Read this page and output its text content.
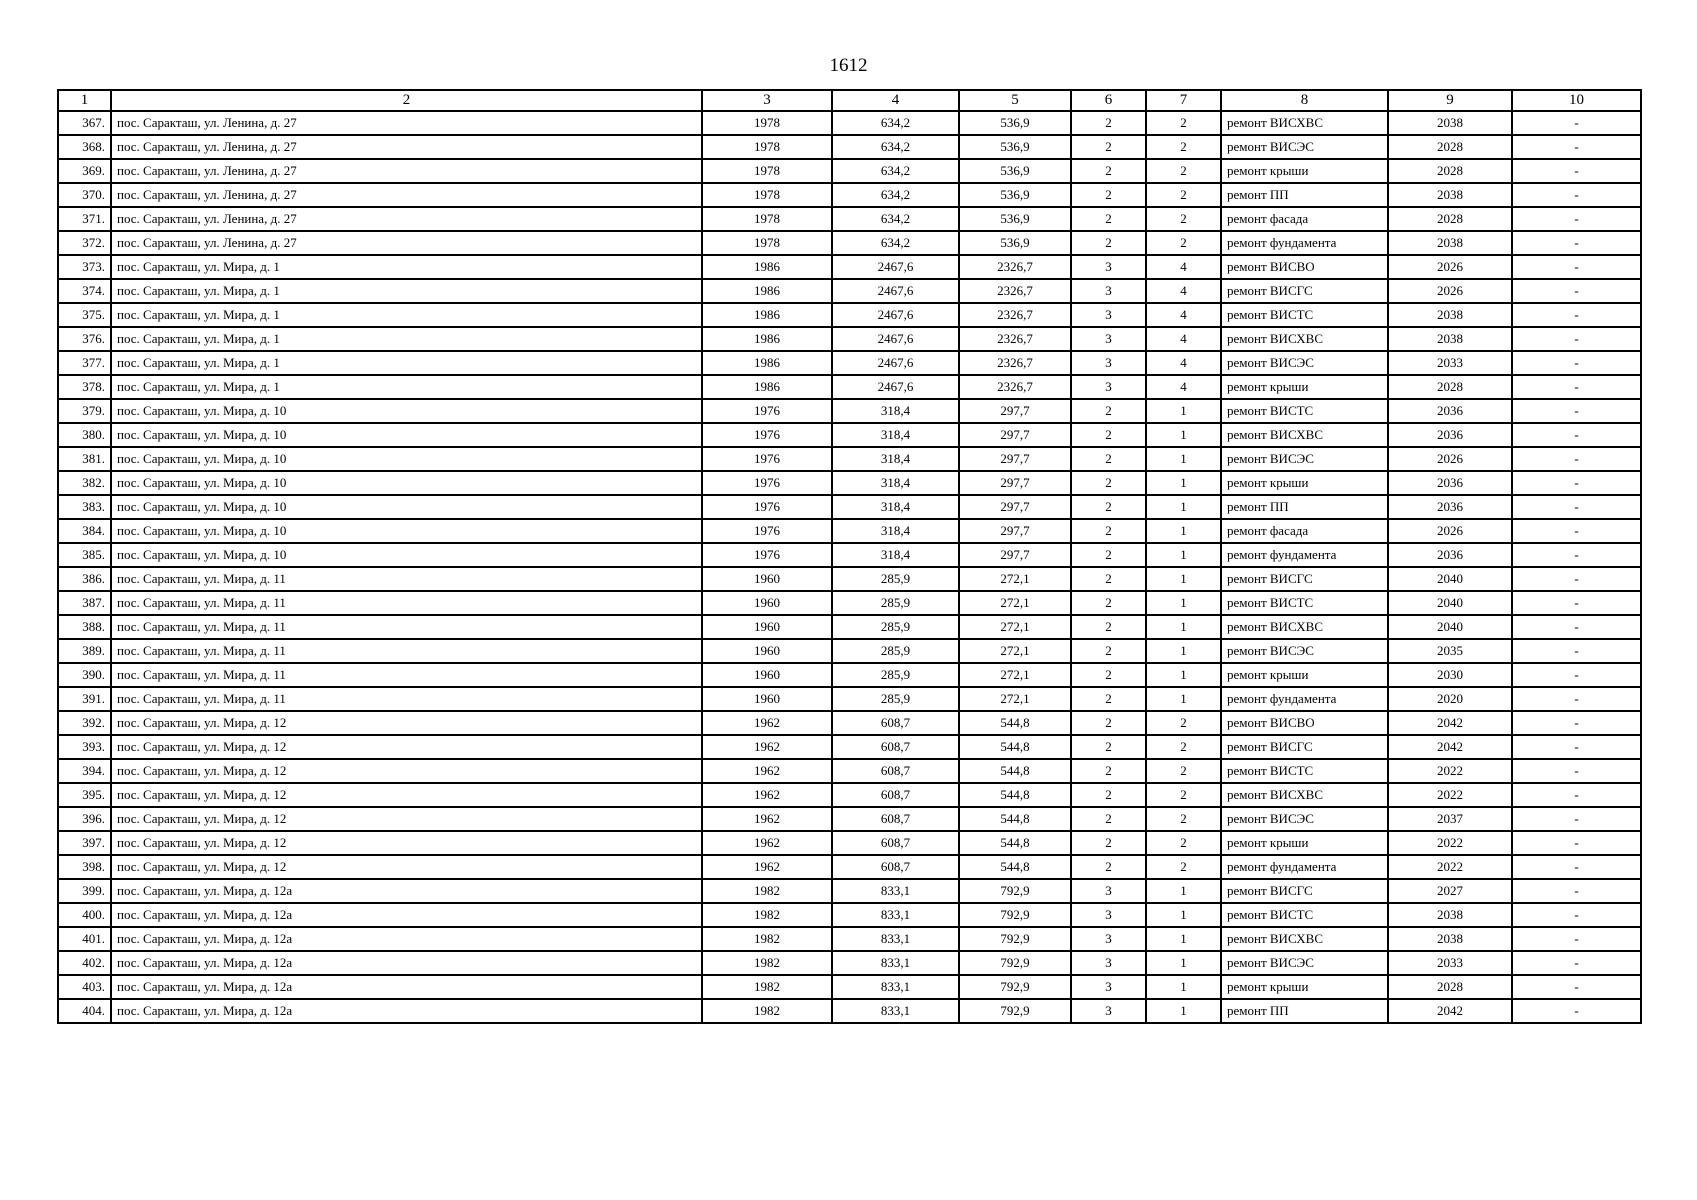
1612
1	2	3	4	5	6	7	8	9	10
367.	пос. Саракташ, ул. Ленина, д. 27	1978	634,2	536,9	2	2	ремонт ВИСХВС	2038	-
368.	пос. Саракташ, ул. Ленина, д. 27	1978	634,2	536,9	2	2	ремонт ВИСЭС	2028	-
369.	пос. Саракташ, ул. Ленина, д. 27	1978	634,2	536,9	2	2	ремонт крыши	2028	-
370.	пос. Саракташ, ул. Ленина, д. 27	1978	634,2	536,9	2	2	ремонт ПП	2038	-
371.	пос. Саракташ, ул. Ленина, д. 27	1978	634,2	536,9	2	2	ремонт фасада	2028	-
372.	пос. Саракташ, ул. Ленина, д. 27	1978	634,2	536,9	2	2	ремонт фундамента	2038	-
373.	пос. Саракташ, ул. Мира, д. 1	1986	2467,6	2326,7	3	4	ремонт ВИСВО	2026	-
374.	пос. Саракташ, ул. Мира, д. 1	1986	2467,6	2326,7	3	4	ремонт ВИСГС	2026	-
375.	пос. Саракташ, ул. Мира, д. 1	1986	2467,6	2326,7	3	4	ремонт ВИСТС	2038	-
376.	пос. Саракташ, ул. Мира, д. 1	1986	2467,6	2326,7	3	4	ремонт ВИСХВС	2038	-
377.	пос. Саракташ, ул. Мира, д. 1	1986	2467,6	2326,7	3	4	ремонт ВИСЭС	2033	-
378.	пос. Саракташ, ул. Мира, д. 1	1986	2467,6	2326,7	3	4	ремонт крыши	2028	-
379.	пос. Саракташ, ул. Мира, д. 10	1976	318,4	297,7	2	1	ремонт ВИСТС	2036	-
380.	пос. Саракташ, ул. Мира, д. 10	1976	318,4	297,7	2	1	ремонт ВИСХВС	2036	-
381.	пос. Саракташ, ул. Мира, д. 10	1976	318,4	297,7	2	1	ремонт ВИСЭС	2026	-
382.	пос. Саракташ, ул. Мира, д. 10	1976	318,4	297,7	2	1	ремонт крыши	2036	-
383.	пос. Саракташ, ул. Мира, д. 10	1976	318,4	297,7	2	1	ремонт ПП	2036	-
384.	пос. Саракташ, ул. Мира, д. 10	1976	318,4	297,7	2	1	ремонт фасада	2026	-
385.	пос. Саракташ, ул. Мира, д. 10	1976	318,4	297,7	2	1	ремонт фундамента	2036	-
386.	пос. Саракташ, ул. Мира, д. 11	1960	285,9	272,1	2	1	ремонт ВИСГС	2040	-
387.	пос. Саракташ, ул. Мира, д. 11	1960	285,9	272,1	2	1	ремонт ВИСТС	2040	-
388.	пос. Саракташ, ул. Мира, д. 11	1960	285,9	272,1	2	1	ремонт ВИСХВС	2040	-
389.	пос. Саракташ, ул. Мира, д. 11	1960	285,9	272,1	2	1	ремонт ВИСЭС	2035	-
390.	пос. Саракташ, ул. Мира, д. 11	1960	285,9	272,1	2	1	ремонт крыши	2030	-
391.	пос. Саракташ, ул. Мира, д. 11	1960	285,9	272,1	2	1	ремонт фундамента	2020	-
392.	пос. Саракташ, ул. Мира, д. 12	1962	608,7	544,8	2	2	ремонт ВИСВО	2042	-
393.	пос. Саракташ, ул. Мира, д. 12	1962	608,7	544,8	2	2	ремонт ВИСГС	2042	-
394.	пос. Саракташ, ул. Мира, д. 12	1962	608,7	544,8	2	2	ремонт ВИСТС	2022	-
395.	пос. Саракташ, ул. Мира, д. 12	1962	608,7	544,8	2	2	ремонт ВИСХВС	2022	-
396.	пос. Саракташ, ул. Мира, д. 12	1962	608,7	544,8	2	2	ремонт ВИСЭС	2037	-
397.	пос. Саракташ, ул. Мира, д. 12	1962	608,7	544,8	2	2	ремонт крыши	2022	-
398.	пос. Саракташ, ул. Мира, д. 12	1962	608,7	544,8	2	2	ремонт фундамента	2022	-
399.	пос. Саракташ, ул. Мира, д. 12а	1982	833,1	792,9	3	1	ремонт ВИСГС	2027	-
400.	пос. Саракташ, ул. Мира, д. 12а	1982	833,1	792,9	3	1	ремонт ВИСТС	2038	-
401.	пос. Саракташ, ул. Мира, д. 12а	1982	833,1	792,9	3	1	ремонт ВИСХВС	2038	-
402.	пос. Саракташ, ул. Мира, д. 12а	1982	833,1	792,9	3	1	ремонт ВИСЭС	2033	-
403.	пос. Саракташ, ул. Мира, д. 12а	1982	833,1	792,9	3	1	ремонт крыши	2028	-
404.	пос. Саракташ, ул. Мира, д. 12а	1982	833,1	792,9	3	1	ремонт ПП	2042	-
